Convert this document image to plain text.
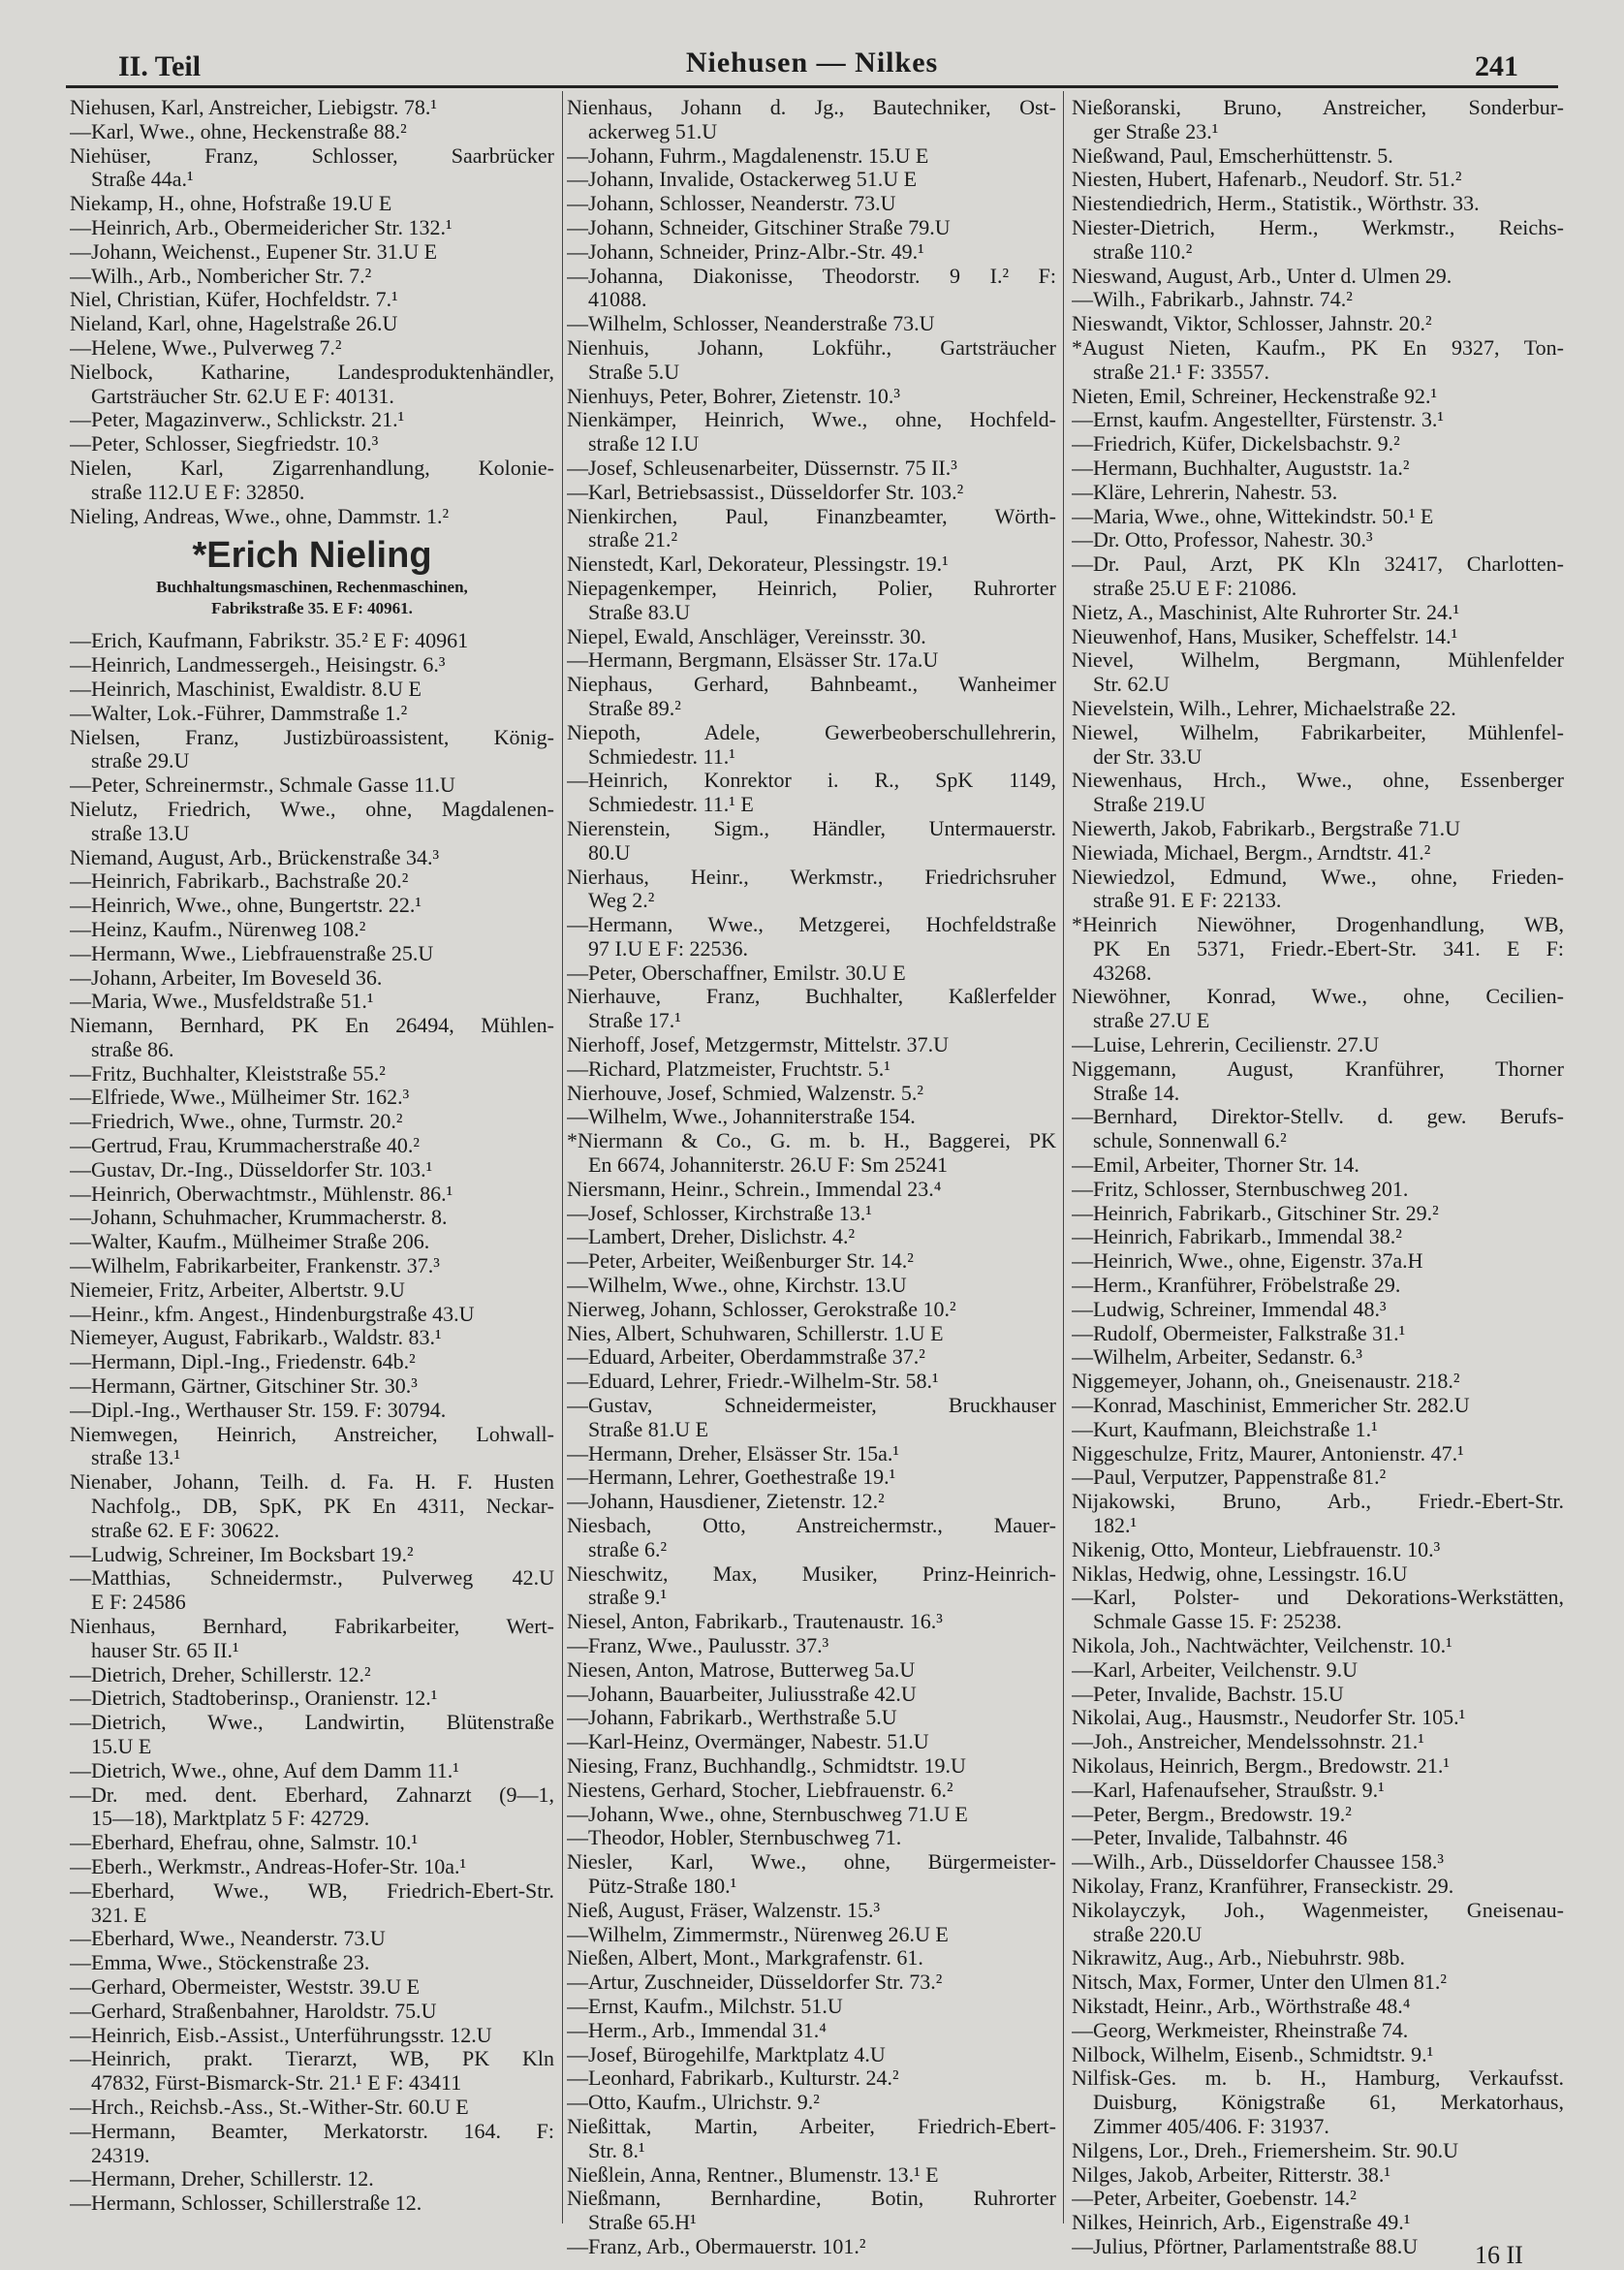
II. Teil	Niehusen — Nilkes	241
Niehusen, Karl, Anstreicher, Liebigstr. 78.¹
—Karl, Wwe., ohne, Heckenstraße 88.²
Niehüser, Franz, Schlosser, Saarbrücker
Straße 44a.¹
Niekamp, H., ohne, Hofstraße 19.U E
—Heinrich, Arb., Obermeidericher Str. 132.¹
—Johann, Weichenst., Eupener Str. 31.U E
—Wilh., Arb., Nombericher Str. 7.²
Niel, Christian, Küfer, Hochfeldstr. 7.¹
Nieland, Karl, ohne, Hagelstraße 26.U
—Helene, Wwe., Pulverweg 7.²
Nielbock, Katharine, Landesproduktenhändler,
Gartsträucher Str. 62.U E F: 40131.
—Peter, Magazinverw., Schlickstr. 21.¹
—Peter, Schlosser, Siegfriedstr. 10.³
Nielen, Karl, Zigarrenhandlung, Kolonie-
straße 112.U E F: 32850.
Nieling, Andreas, Wwe., ohne, Dammstr. 1.²
*Erich Nieling
Buchhaltungsmaschinen, Rechenmaschinen,
Fabrikstraße 35. E F: 40961.
—Erich, Kaufmann, Fabrikstr. 35.² E F: 40961
—Heinrich, Landmessergeh., Heisingstr. 6.³
—Heinrich, Maschinist, Ewaldistr. 8.U E
—Walter, Lok.-Führer, Dammstraße 1.²
Nielsen, Franz, Justizbüroassistent, König-
straße 29.U
—Peter, Schreinermstr., Schmale Gasse 11.U
Nielutz, Friedrich, Wwe., ohne, Magdalenen-
straße 13.U
Niemand, August, Arb., Brückenstraße 34.³
—Heinrich, Fabrikarb., Bachstraße 20.²
—Heinrich, Wwe., ohne, Bungertstr. 22.¹
—Heinz, Kaufm., Nürenweg 108.²
—Hermann, Wwe., Liebfrauenstraße 25.U
—Johann, Arbeiter, Im Boveseld 36.
—Maria, Wwe., Musfeldstraße 51.¹
Niemann, Bernhard, PK En 26494, Mühlen-
straße 86.
—Fritz, Buchhalter, Kleiststraße 55.²
—Elfriede, Wwe., Mülheimer Str. 162.³
—Friedrich, Wwe., ohne, Turmstr. 20.²
—Gertrud, Frau, Krummacherstraße 40.²
—Gustav, Dr.-Ing., Düsseldorfer Str. 103.¹
—Heinrich, Oberwachtmstr., Mühlenstr. 86.¹
—Johann, Schuhmacher, Krummacherstr. 8.
—Walter, Kaufm., Mülheimer Straße 206.
—Wilhelm, Fabrikarbeiter, Frankenstr. 37.³
Niemeier, Fritz, Arbeiter, Albertstr. 9.U
—Heinr., kfm. Angest., Hindenburgstraße 43.U
Niemeyer, August, Fabrikarb., Waldstr. 83.¹
—Hermann, Dipl.-Ing., Friedenstr. 64b.²
—Hermann, Gärtner, Gitschiner Str. 30.³
—Dipl.-Ing., Werthauser Str. 159. F: 30794.
Niemwegen, Heinrich, Anstreicher, Lohwall-
straße 13.¹
Nienaber, Johann, Teilh. d. Fa. H. F. Husten
Nachfolg., DB, SpK, PK En 4311, Neckar-
straße 62. E F: 30622.
—Ludwig, Schreiner, Im Bocksbart 19.²
—Matthias, Schneidermstr., Pulverweg 42.U
E F: 24586
Nienhaus, Bernhard, Fabrikarbeiter, Wert-
hauser Str. 65 II.¹
—Dietrich, Dreher, Schillerstr. 12.²
—Dietrich, Stadtoberinsp., Oranienstr. 12.¹
—Dietrich, Wwe., Landwirtin, Blütenstraße
15.U E
—Dietrich, Wwe., ohne, Auf dem Damm 11.¹
—Dr. med. dent. Eberhard, Zahnarzt (9—1,
15—18), Marktplatz 5 F: 42729.
—Eberhard, Ehefrau, ohne, Salmstr. 10.¹
—Eberh., Werkmstr., Andreas-Hofer-Str. 10a.¹
—Eberhard, Wwe., WB, Friedrich-Ebert-Str.
321. E
—Eberhard, Wwe., Neanderstr. 73.U
—Emma, Wwe., Stöckenstraße 23.
—Gerhard, Obermeister, Weststr. 39.U E
—Gerhard, Straßenbahner, Haroldstr. 75.U
—Heinrich, Eisb.-Assist., Unterführungsstr. 12.U
—Heinrich, prakt. Tierarzt, WB, PK Kln
47832, Fürst-Bismarck-Str. 21.¹ E F: 43411
—Hrch., Reichsb.-Ass., St.-Wither-Str. 60.U E
—Hermann, Beamter, Merkatorstr. 164. F:
24319.
—Hermann, Dreher, Schillerstr. 12.
—Hermann, Schlosser, Schillerstraße 12.
Nienhaus, Johann d. Jg., Bautechniker, Ost-
ackerweg 51.U
—Johann, Fuhrm., Magdalenenstr. 15.U E
—Johann, Invalide, Ostackerweg 51.U E
—Johann, Schlosser, Neanderstr. 73.U
—Johann, Schneider, Gitschiner Straße 79.U
—Johann, Schneider, Prinz-Albr.-Str. 49.¹
—Johanna, Diakonisse, Theodorstr. 9 I.² F:
41088.
—Wilhelm, Schlosser, Neanderstraße 73.U
Nienhuis, Johann, Lokführ., Gartsträucher
Straße 5.U
Nienhuys, Peter, Bohrer, Zietenstr. 10.³
Nienkämper, Heinrich, Wwe., ohne, Hochfeld-
straße 12 I.U
—Josef, Schleusenarbeiter, Düssernstr. 75 II.³
—Karl, Betriebsassist., Düsseldorfer Str. 103.²
Nienkirchen, Paul, Finanzbeamter, Wörth-
straße 21.²
Nienstedt, Karl, Dekorateur, Plessingstr. 19.¹
Niepagenkemper, Heinrich, Polier, Ruhrorter
Straße 83.U
Niepel, Ewald, Anschläger, Vereinsstr. 30.
—Hermann, Bergmann, Elsässer Str. 17a.U
Niephaus, Gerhard, Bahnbeamt., Wanheimer
Straße 89.²
Niepoth, Adele, Gewerbeoberschullehrerin,
Schmiedestr. 11.¹
—Heinrich, Konrektor i. R., SpK 1149,
Schmiedestr. 11.¹ E
Nierenstein, Sigm., Händler, Untermauerstr.
80.U
Nierhaus, Heinr., Werkmstr., Friedrichsruher
Weg 2.²
—Hermann, Wwe., Metzgerei, Hochfeldstraße
97 I.U E F: 22536.
—Peter, Oberschaffner, Emilstr. 30.U E
Nierhauve, Franz, Buchhalter, Kaßlerfelder
Straße 17.¹
Nierhoff, Josef, Metzgermstr, Mittelstr. 37.U
—Richard, Platzmeister, Fruchtstr. 5.¹
Nierhouve, Josef, Schmied, Walzenstr. 5.²
—Wilhelm, Wwe., Johanniterstraße 154.
*Niermann & Co., G. m. b. H., Baggerei, PK
En 6674, Johanniterstr. 26.U F: Sm 25241
Niersmann, Heinr., Schrein., Immendal 23.⁴
—Josef, Schlosser, Kirchstraße 13.¹
—Lambert, Dreher, Dislichstr. 4.²
—Peter, Arbeiter, Weißenburger Str. 14.²
—Wilhelm, Wwe., ohne, Kirchstr. 13.U
Nierweg, Johann, Schlosser, Gerokstraße 10.²
Nies, Albert, Schuhwaren, Schillerstr. 1.U E
—Eduard, Arbeiter, Oberdammstraße 37.²
—Eduard, Lehrer, Friedr.-Wilhelm-Str. 58.¹
—Gustav, Schneidermeister, Bruckhauser
Straße 81.U E
—Hermann, Dreher, Elsässer Str. 15a.¹
—Hermann, Lehrer, Goethestraße 19.¹
—Johann, Hausdiener, Zietenstr. 12.²
Niesbach, Otto, Anstreichermstr., Mauer-
straße 6.²
Nieschwitz, Max, Musiker, Prinz-Heinrich-
straße 9.¹
Niesel, Anton, Fabrikarb., Trautenaustr. 16.³
—Franz, Wwe., Paulusstr. 37.³
Niesen, Anton, Matrose, Butterweg 5a.U
—Johann, Bauarbeiter, Juliusstraße 42.U
—Johann, Fabrikarb., Werthstraße 5.U
—Karl-Heinz, Overmänger, Nabestr. 51.U
Niesing, Franz, Buchhandlg., Schmidtstr. 19.U
Niestens, Gerhard, Stocher, Liebfrauenstr. 6.²
—Johann, Wwe., ohne, Sternbuschweg 71.U E
—Theodor, Hobler, Sternbuschweg 71.
Niesler, Karl, Wwe., ohne, Bürgermeister-
Pütz-Straße 180.¹
Nieß, August, Fräser, Walzenstr. 15.³
—Wilhelm, Zimmermstr., Nürenweg 26.U E
Nießen, Albert, Mont., Markgrafenstr. 61.
—Artur, Zuschneider, Düsseldorfer Str. 73.²
—Ernst, Kaufm., Milchstr. 51.U
—Herm., Arb., Immendal 31.⁴
—Josef, Bürogehilfe, Marktplatz 4.U
—Leonhard, Fabrikarb., Kulturstr. 24.²
—Otto, Kaufm., Ulrichstr. 9.²
Nießittak, Martin, Arbeiter, Friedrich-Ebert-
Str. 8.¹
Nießlein, Anna, Rentner., Blumenstr. 13.¹ E
Nießmann, Bernhardine, Botin, Ruhrorter
Straße 65.H¹
—Franz, Arb., Obermauerstr. 101.²
Nießoranski, Bruno, Anstreicher, Sonderbur-
ger Straße 23.¹
Nießwand, Paul, Emscherhüttenstr. 5.
Niesten, Hubert, Hafenarb., Neudorf. Str. 51.²
Niestendiedrich, Herm., Statistik., Wörthstr. 33.
Niester-Dietrich, Herm., Werkmstr., Reichs-
straße 110.²
Nieswand, August, Arb., Unter d. Ulmen 29.
—Wilh., Fabrikarb., Jahnstr. 74.²
Nieswandt, Viktor, Schlosser, Jahnstr. 20.²
*August Nieten, Kaufm., PK En 9327, Ton-
straße 21.¹ F: 33557.
Nieten, Emil, Schreiner, Heckenstraße 92.¹
—Ernst, kaufm. Angestellter, Fürstenstr. 3.¹
—Friedrich, Küfer, Dickelsbachstr. 9.²
—Hermann, Buchhalter, Auguststr. 1a.²
—Kläre, Lehrerin, Nahestr. 53.
—Maria, Wwe., ohne, Wittekindstr. 50.¹ E
—Dr. Otto, Professor, Nahestr. 30.³
—Dr. Paul, Arzt, PK Kln 32417, Charlotten-
straße 25.U E F: 21086.
Nietz, A., Maschinist, Alte Ruhrorter Str. 24.¹
Nieuwenhof, Hans, Musiker, Scheffelstr. 14.¹
Nievel, Wilhelm, Bergmann, Mühlenfelder
Str. 62.U
Nievelstein, Wilh., Lehrer, Michaelstraße 22.
Niewel, Wilhelm, Fabrikarbeiter, Mühlenfel-
der Str. 33.U
Niewenhaus, Hrch., Wwe., ohne, Essenberger
Straße 219.U
Niewerth, Jakob, Fabrikarb., Bergstraße 71.U
Niewiada, Michael, Bergm., Arndtstr. 41.²
Niewiedzol, Edmund, Wwe., ohne, Frieden-
straße 91. E F: 22133.
*Heinrich Niewöhner, Drogenhandlung, WB,
PK En 5371, Friedr.-Ebert-Str. 341. E F:
43268.
Niewöhner, Konrad, Wwe., ohne, Cecilien-
straße 27.U E
—Luise, Lehrerin, Cecilienstr. 27.U
Niggemann, August, Kranführer, Thorner
Straße 14.
—Bernhard, Direktor-Stellv. d. gew. Berufs-
schule, Sonnenwall 6.²
—Emil, Arbeiter, Thorner Str. 14.
—Fritz, Schlosser, Sternbuschweg 201.
—Heinrich, Fabrikarb., Gitschiner Str. 29.²
—Heinrich, Fabrikarb., Immendal 38.²
—Heinrich, Wwe., ohne, Eigenstr. 37a.H
—Herm., Kranführer, Fröbelstraße 29.
—Ludwig, Schreiner, Immendal 48.³
—Rudolf, Obermeister, Falkstraße 31.¹
—Wilhelm, Arbeiter, Sedanstr. 6.³
Niggemeyer, Johann, oh., Gneisenaustr. 218.²
—Konrad, Maschinist, Emmericher Str. 282.U
—Kurt, Kaufmann, Bleichstraße 1.¹
Niggeschulze, Fritz, Maurer, Antonienstr. 47.¹
—Paul, Verputzer, Pappenstraße 81.²
Nijakowski, Bruno, Arb., Friedr.-Ebert-Str.
182.¹
Nikenig, Otto, Monteur, Liebfrauenstr. 10.³
Niklas, Hedwig, ohne, Lessingstr. 16.U
—Karl, Polster- und Dekorations-Werkstätten,
Schmale Gasse 15. F: 25238.
Nikola, Joh., Nachtwächter, Veilchenstr. 10.¹
—Karl, Arbeiter, Veilchenstr. 9.U
—Peter, Invalide, Bachstr. 15.U
Nikolai, Aug., Hausmstr., Neudorfer Str. 105.¹
—Joh., Anstreicher, Mendelssohnstr. 21.¹
Nikolaus, Heinrich, Bergm., Bredowstr. 21.¹
—Karl, Hafenaufseher, Straußstr. 9.¹
—Peter, Bergm., Bredowstr. 19.²
—Peter, Invalide, Talbahnstr. 46
—Wilh., Arb., Düsseldorfer Chaussee 158.³
Nikolay, Franz, Kranführer, Franseckistr. 29.
Nikolayczyk, Joh., Wagenmeister, Gneisenau-
straße 220.U
Nikrawitz, Aug., Arb., Niebuhrstr. 98b.
Nitsch, Max, Former, Unter den Ulmen 81.²
Nikstadt, Heinr., Arb., Wörthstraße 48.⁴
—Georg, Werkmeister, Rheinstraße 74.
Nilbock, Wilhelm, Eisenb., Schmidtstr. 9.¹
Nilfisk-Ges. m. b. H., Hamburg, Verkaufsst.
Duisburg, Königstraße 61, Merkatorhaus,
Zimmer 405/406. F: 31937.
Nilgens, Lor., Dreh., Friemersheim. Str. 90.U
Nilges, Jakob, Arbeiter, Ritterstr. 38.¹
—Peter, Arbeiter, Goebenstr. 14.²
Nilkes, Heinrich, Arb., Eigenstraße 49.¹
—Julius, Pförtner, Parlamentstraße 88.U	16 II
